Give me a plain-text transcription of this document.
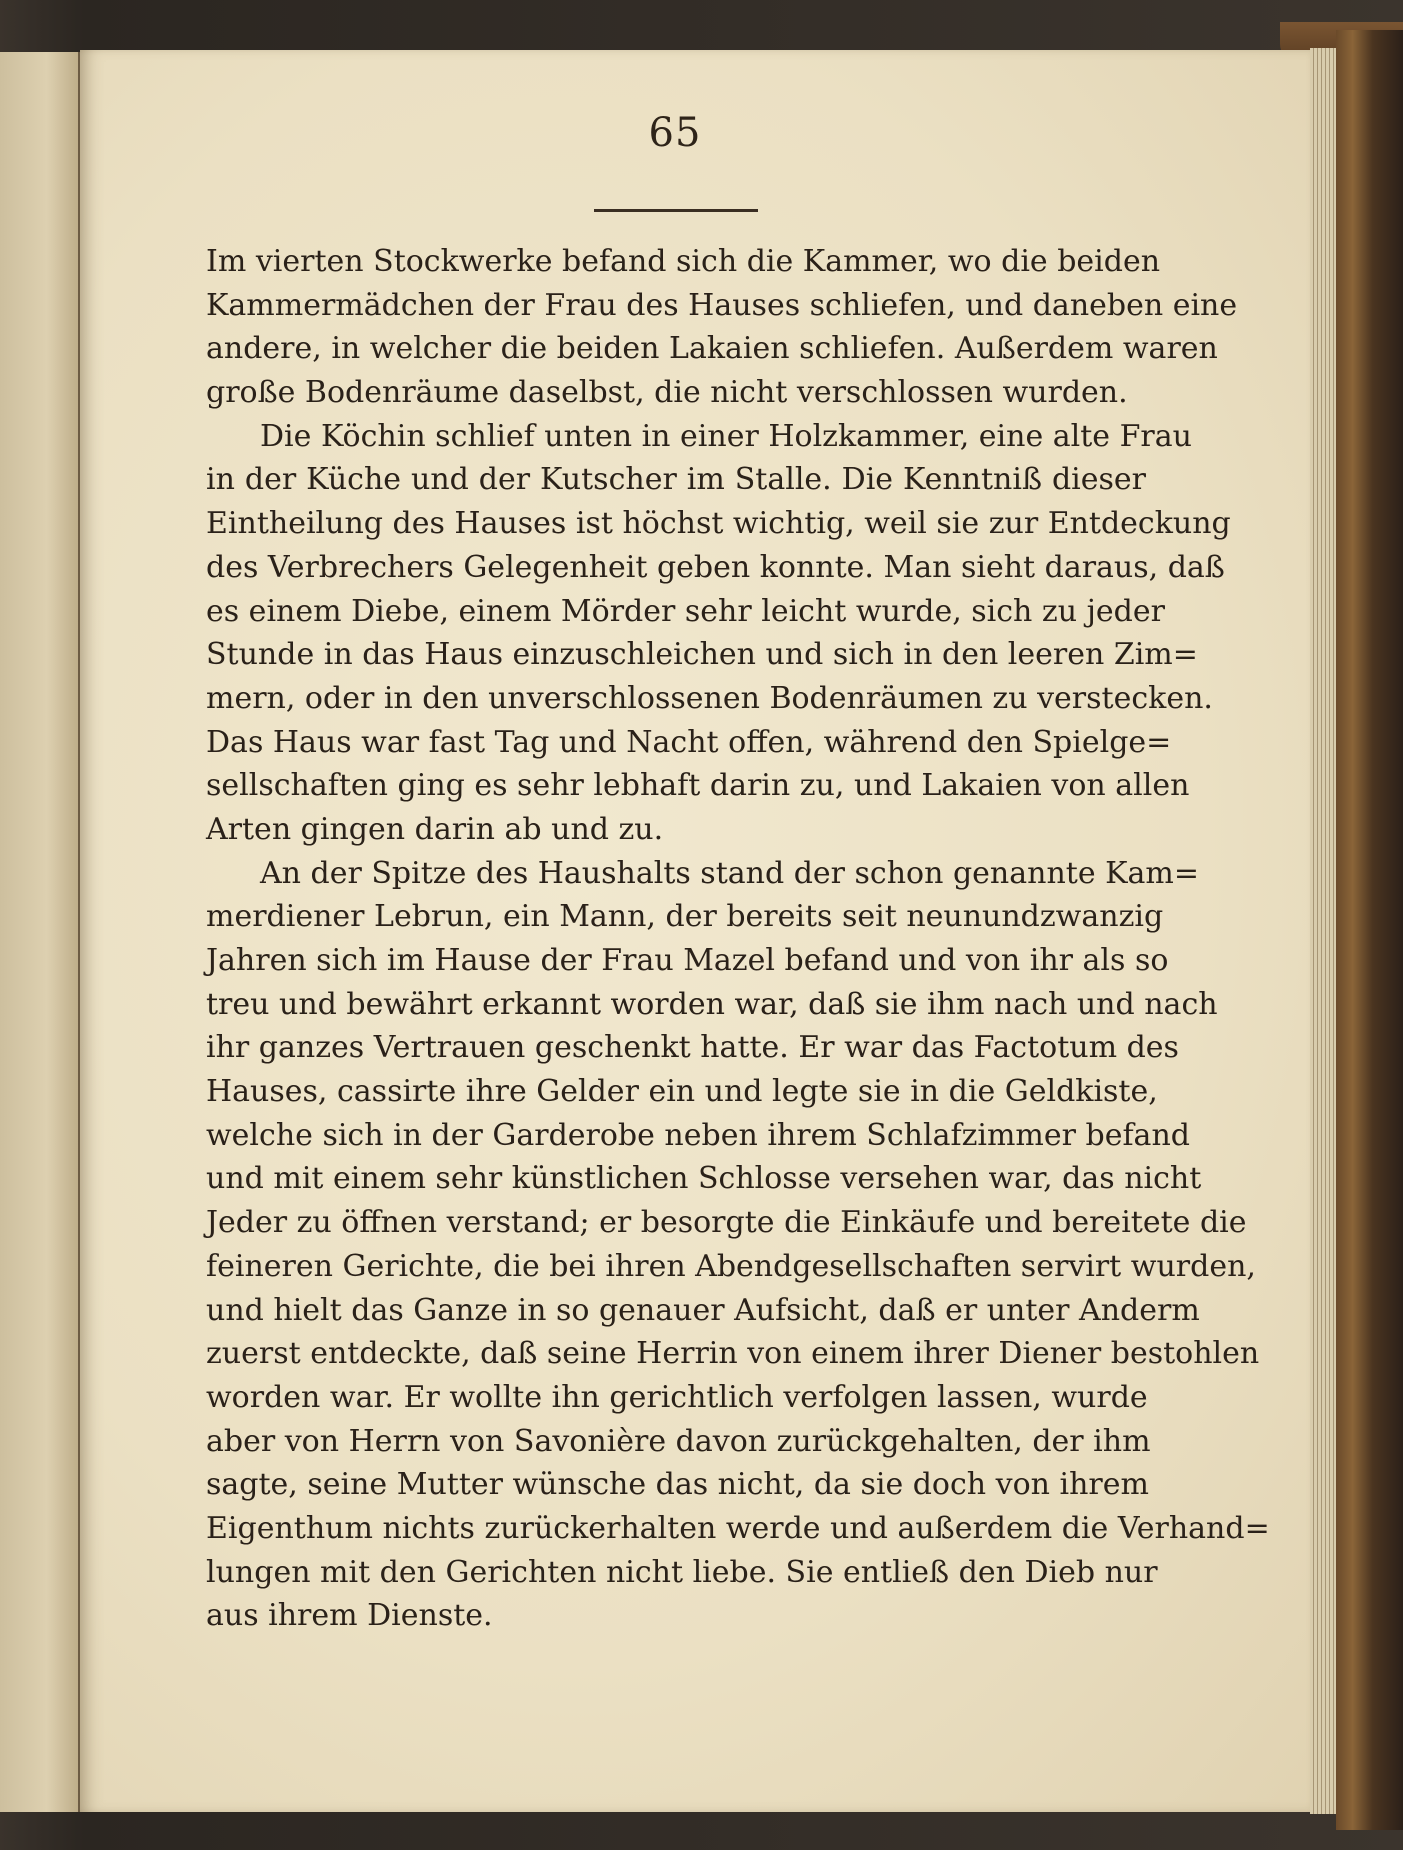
65
Im vierten Stockwerke befand sich die Kammer, wo die beiden
Kammermädchen der Frau des Hauses schliefen, und daneben eine
andere, in welcher die beiden Lakaien schliefen. Außerdem waren
große Bodenräume daselbst, die nicht verschlossen wurden.
Die Köchin schlief unten in einer Holzkammer, eine alte Frau
in der Küche und der Kutscher im Stalle. Die Kenntniß dieser
Eintheilung des Hauses ist höchst wichtig, weil sie zur Entdeckung
des Verbrechers Gelegenheit geben konnte. Man sieht daraus, daß
es einem Diebe, einem Mörder sehr leicht wurde, sich zu jeder
Stunde in das Haus einzuschleichen und sich in den leeren Zim=
mern, oder in den unverschlossenen Bodenräumen zu verstecken.
Das Haus war fast Tag und Nacht offen, während den Spielge=
sellschaften ging es sehr lebhaft darin zu, und Lakaien von allen
Arten gingen darin ab und zu.
An der Spitze des Haushalts stand der schon genannte Kam=
merdiener Lebrun, ein Mann, der bereits seit neunundzwanzig
Jahren sich im Hause der Frau Mazel befand und von ihr als so
treu und bewährt erkannt worden war, daß sie ihm nach und nach
ihr ganzes Vertrauen geschenkt hatte. Er war das Factotum des
Hauses, cassirte ihre Gelder ein und legte sie in die Geldkiste,
welche sich in der Garderobe neben ihrem Schlafzimmer befand
und mit einem sehr künstlichen Schlosse versehen war, das nicht
Jeder zu öffnen verstand; er besorgte die Einkäufe und bereitete die
feineren Gerichte, die bei ihren Abendgesellschaften servirt wurden,
und hielt das Ganze in so genauer Aufsicht, daß er unter Anderm
zuerst entdeckte, daß seine Herrin von einem ihrer Diener bestohlen
worden war. Er wollte ihn gerichtlich verfolgen lassen, wurde
aber von Herrn von Savonière davon zurückgehalten, der ihm
sagte, seine Mutter wünsche das nicht, da sie doch von ihrem
Eigenthum nichts zurückerhalten werde und außerdem die Verhand=
lungen mit den Gerichten nicht liebe. Sie entließ den Dieb nur
aus ihrem Dienste.
